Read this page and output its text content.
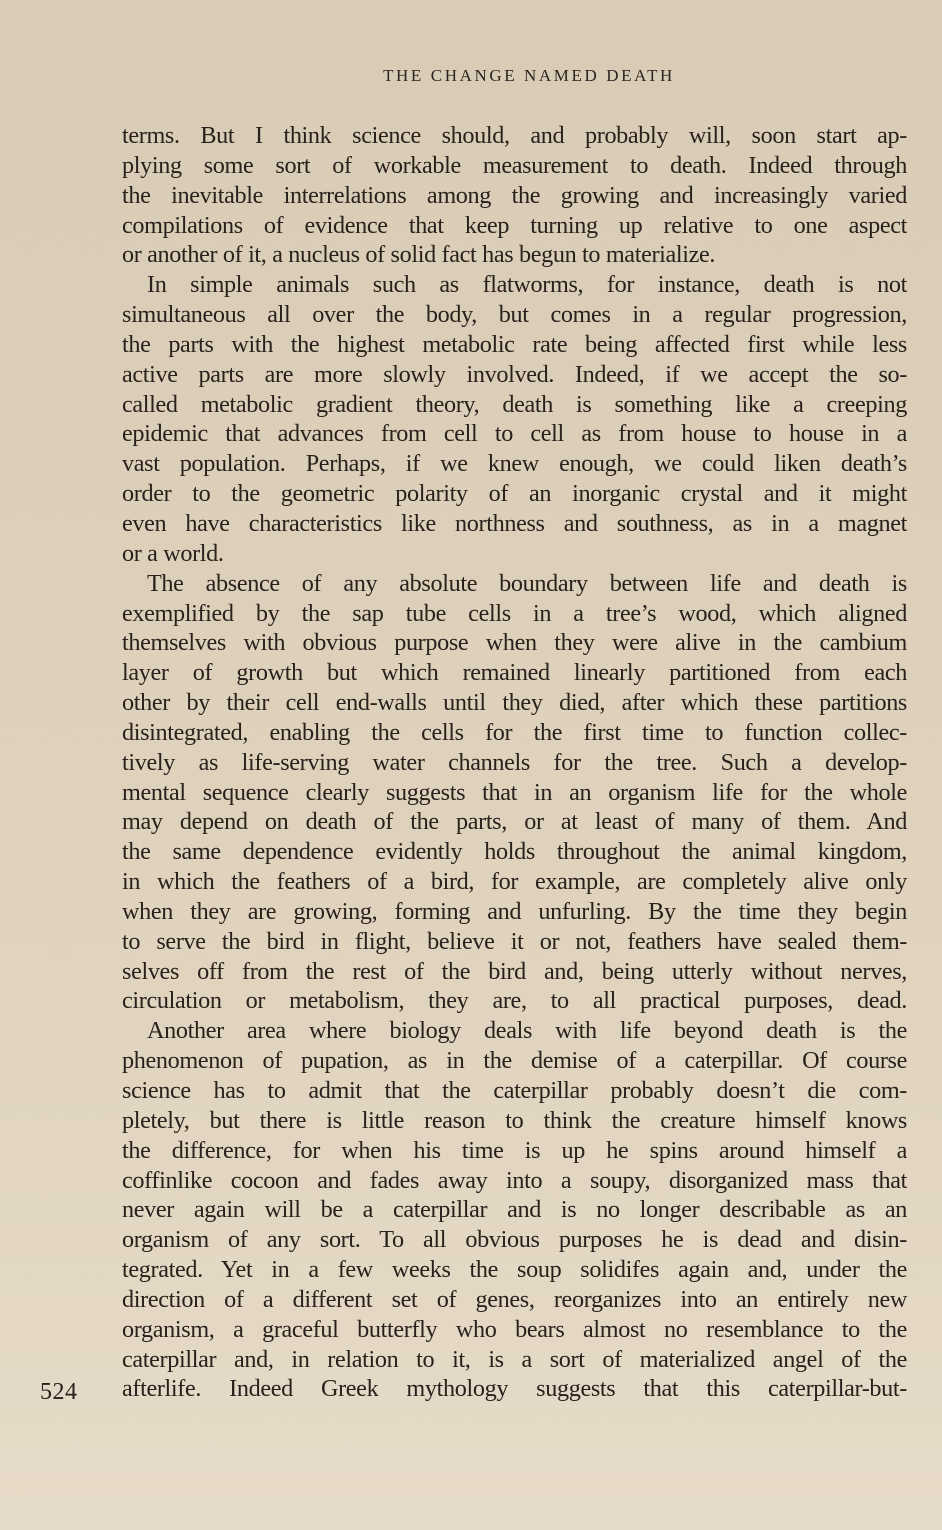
THE CHANGE NAMED DEATH
terms. But I think science should, and probably will, soon start ap-
plying some sort of workable measurement to death. Indeed through
the inevitable interrelations among the growing and increasingly varied
compilations of evidence that keep turning up relative to one aspect
or another of it, a nucleus of solid fact has begun to materialize.
In simple animals such as flatworms, for instance, death is not
simultaneous all over the body, but comes in a regular progression,
the parts with the highest metabolic rate being affected first while less
active parts are more slowly involved. Indeed, if we accept the so-
called metabolic gradient theory, death is something like a creeping
epidemic that advances from cell to cell as from house to house in a
vast population. Perhaps, if we knew enough, we could liken death’s
order to the geometric polarity of an inorganic crystal and it might
even have characteristics like northness and southness, as in a magnet
or a world.
The absence of any absolute boundary between life and death is
exemplified by the sap tube cells in a tree’s wood, which aligned
themselves with obvious purpose when they were alive in the cambium
layer of growth but which remained linearly partitioned from each
other by their cell end-walls until they died, after which these partitions
disintegrated, enabling the cells for the first time to function collec-
tively as life-serving water channels for the tree. Such a develop-
mental sequence clearly suggests that in an organism life for the whole
may depend on death of the parts, or at least of many of them. And
the same dependence evidently holds throughout the animal kingdom,
in which the feathers of a bird, for example, are completely alive only
when they are growing, forming and unfurling. By the time they begin
to serve the bird in flight, believe it or not, feathers have sealed them-
selves off from the rest of the bird and, being utterly without nerves,
circulation or metabolism, they are, to all practical purposes, dead.
Another area where biology deals with life beyond death is the
phenomenon of pupation, as in the demise of a caterpillar. Of course
science has to admit that the caterpillar probably doesn’t die com-
pletely, but there is little reason to think the creature himself knows
the difference, for when his time is up he spins around himself a
coffinlike cocoon and fades away into a soupy, disorganized mass that
never again will be a caterpillar and is no longer describable as an
organism of any sort. To all obvious purposes he is dead and disin-
tegrated. Yet in a few weeks the soup solidifes again and, under the
direction of a different set of genes, reorganizes into an entirely new
organism, a graceful butterfly who bears almost no resemblance to the
caterpillar and, in relation to it, is a sort of materialized angel of the
afterlife. Indeed Greek mythology suggests that this caterpillar-but-
524
